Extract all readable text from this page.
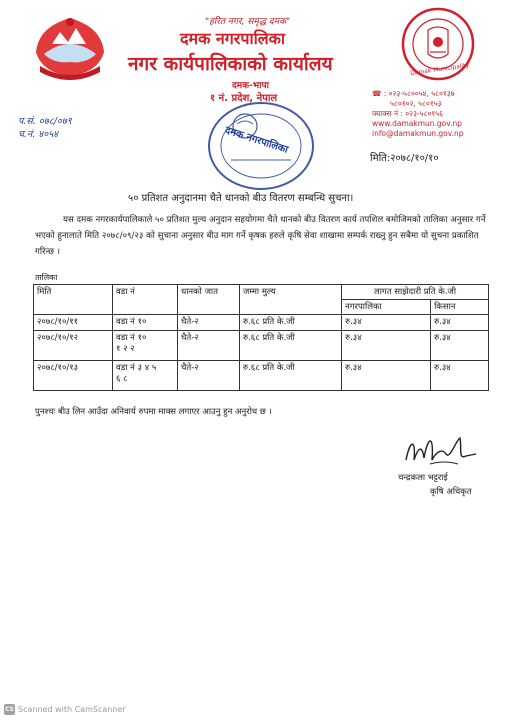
Damak Municipality
"हरित नगर, समृद्ध दमक"
दमक नगरपालिका
नगर कार्यपालिकाको कार्यालय
दमक-भापा
१ नं. प्रदेश, नेपाल	☎ : ०२३-५८००५४, ५८०१३७
५८०१०२, ५८०१५३
फ्याक्स नं : ०२३-५८०१५६
www.damakmun.gov.np
info@damakmun.gov.np
प.सं. ०७८/०७९
च.नं. ४०५४	दमक नगरपालिका
मिति:२०७८/१०/१०
५० प्रतिशत अनुदानमा चैते धानको बीउ वितरण सम्बन्धि सुचना।
यस दमक नगरकार्यपालिकाले ५० प्रतिशत मुल्य अनुदान सहयोगमा चैते धानको बीउ वितरण कार्य तपशिल बमोजिमको तालिका अनुसार गर्ने भएको हुनालाते मिति २०७८/०९/२३ को सुचाना अनुसार बीउ माग गर्ने कृषक हरुले कृषि सेवा शाखामा सम्पर्क राख्नु हुन सबैमा यो सुचना प्रकाशित गरिन्छ ।
तालिका
मिति	वडा नं	धानको जात	जम्मा मुल्य	लागत साझेदारी प्रति के.जी	
				नगरपालिका	किसान
२०७८/१०/११	वडा नं १०	चैते-२	रु.६८ प्रति के.जी	रु.३४	रु.३४
२०७८/१०/१२	वडा नं १०
१ २ २	चैते-२	रु.६८ प्रति के.जी	रु.३४	रु.३४
२०७८/१०/१३	वडा नं ३ ४ ५
६ ८	चैते-२	रु.६८ प्रति के.जी	रु.३४	रु.३४
पुनश्चः बीउ लिन आउँदा अनिवार्य रुपमा माक्स लगाएर आउनु हुन अनुरोध छ ।
चन्द्रकला भट्टराई
कृषि अधिकृत
CS Scanned with CamScanner
